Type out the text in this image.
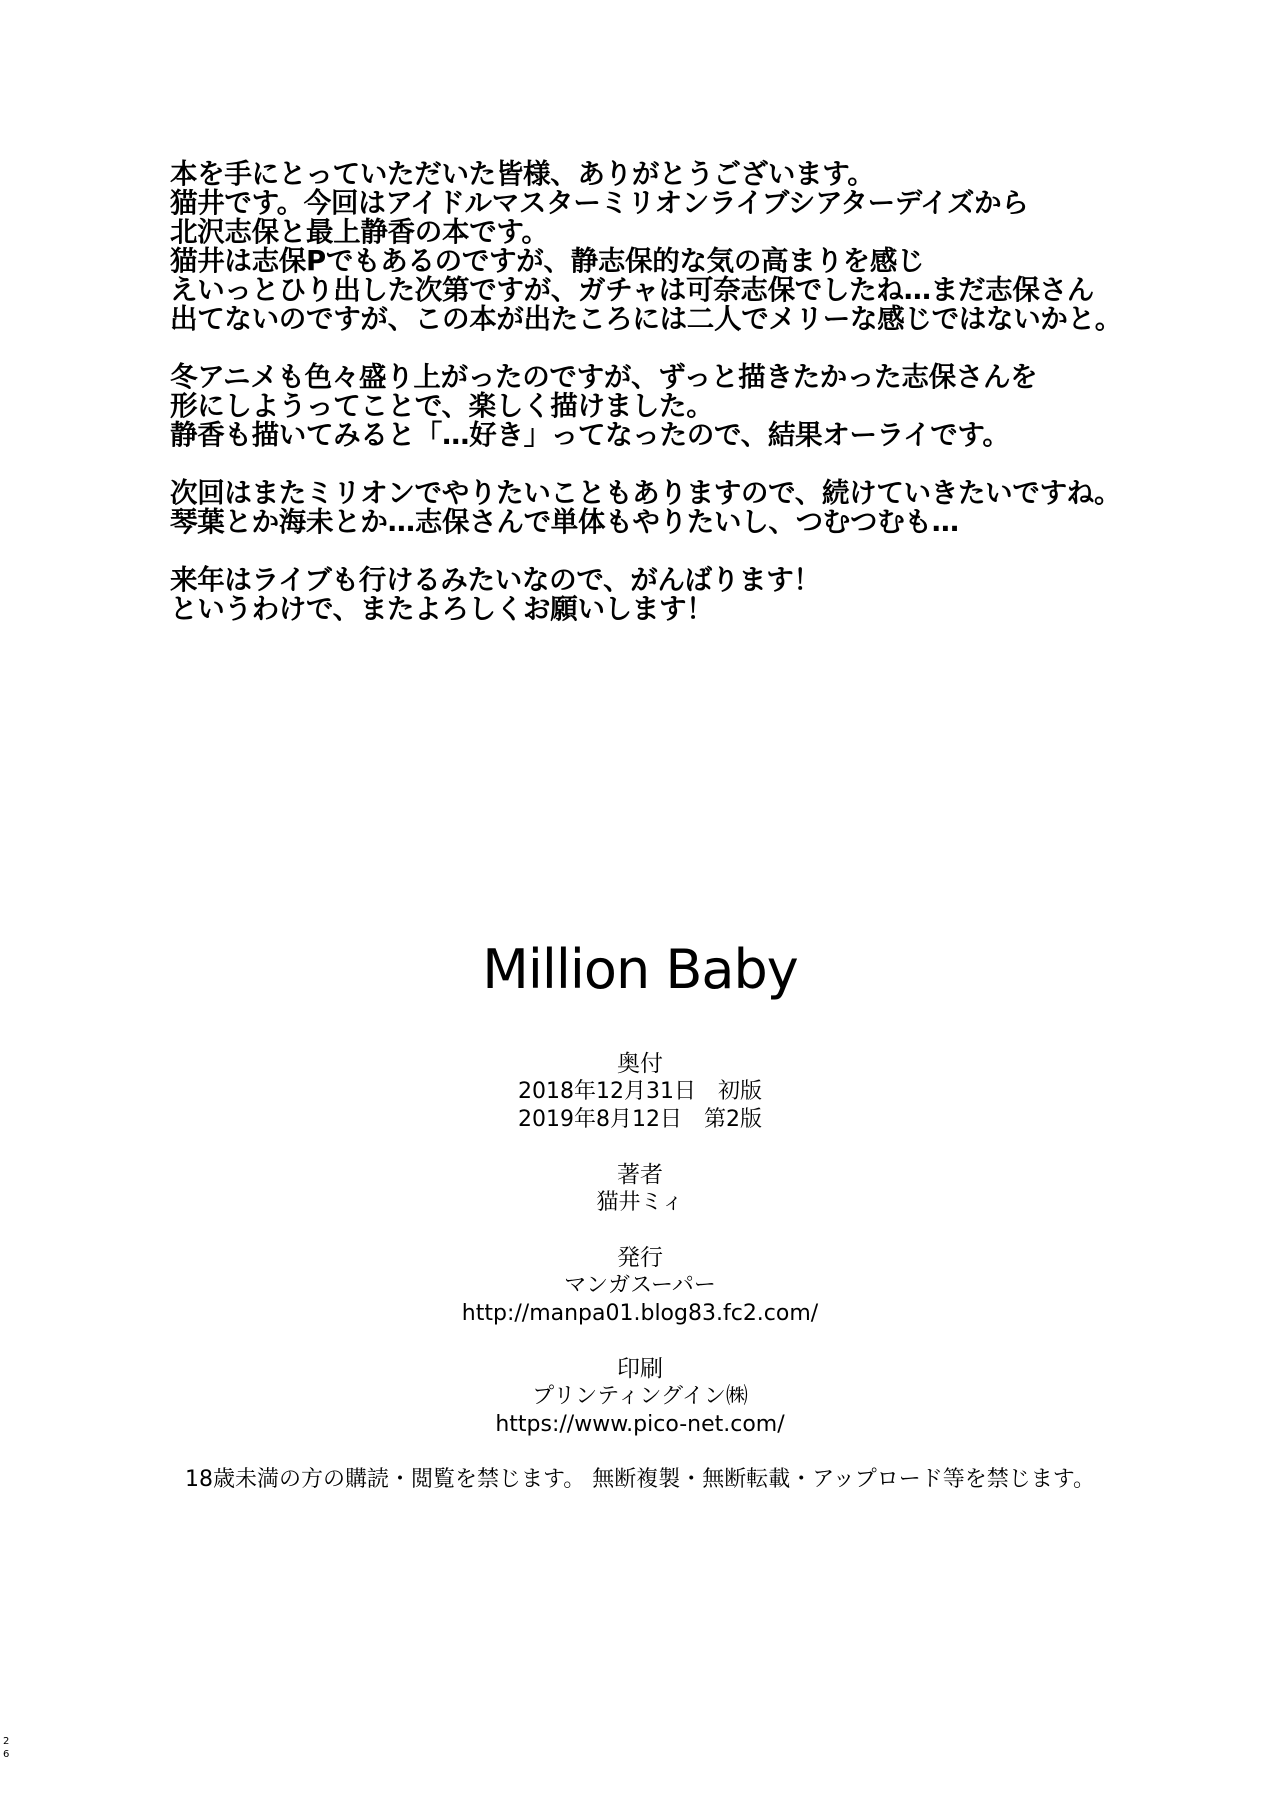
本を手にとっていただいた皆様、ありがとうございます。
猫井です。今回はアイドルマスターミリオンライブシアターデイズから
北沢志保と最上静香の本です。
猫井は志保Pでもあるのですが、静志保的な気の高まりを感じ
えいっとひり出した次第ですが、ガチャは可奈志保でしたね…まだ志保さん
出てないのですが、この本が出たころには二人でメリーな感じではないかと。

冬アニメも色々盛り上がったのですが、ずっと描きたかった志保さんを
形にしようってことで、楽しく描けました。
静香も描いてみると「…好き」ってなったので、結果オーライです。

次回はまたミリオンでやりたいこともありますので、続けていきたいですね。
琴葉とか海未とか…志保さんで単体もやりたいし、つむつむも…

来年はライブも行けるみたいなので、がんばります！
というわけで、またよろしくお願いします！

Million Baby
奥付
2018年12月31日　初版
2019年8月12日　第2版
著者
猫井ミィ
発行
マンガスーパー
http://manpa01.blog83.fc2.com/
印刷
プリンティングイン㈱
https://www.pico-net.com/
18歳未満の方の購読・閲覧を禁じます。 無断複製・無断転載・アップロード等を禁じます。
2
6
